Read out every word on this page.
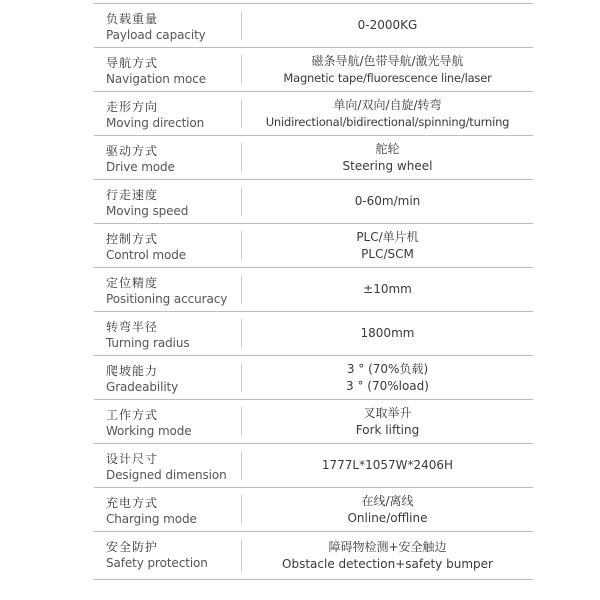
负载重量
Payload capacity
0-2000KG
导航方式
Navigation moce
磁条导航/色带导航/激光导航
Magnetic tape/fluorescence line/laser
走形方向
Moving direction
单向/双向/自旋/转弯
Unidirectional/bidirectional/spinning/turning
驱动方式
Drive mode
舵轮
Steering wheel
行走速度
Moving speed
0-60m/min
控制方式
Control mode
PLC/单片机
PLC/SCM
定位精度
Positioning accuracy
±10mm
转弯半径
Turning radius
1800mm
爬坡能力
Gradeability
3 ° (70%负载)
3 ° (70%load)
工作方式
Working mode
叉取举升
Fork lifting
设计尺寸
Designed dimension
1777L*1057W*2406H
充电方式
Charging mode
在线/离线
Online/offline
安全防护
Safety protection
障碍物检测+安全触边
Obstacle detection+safety bumper
